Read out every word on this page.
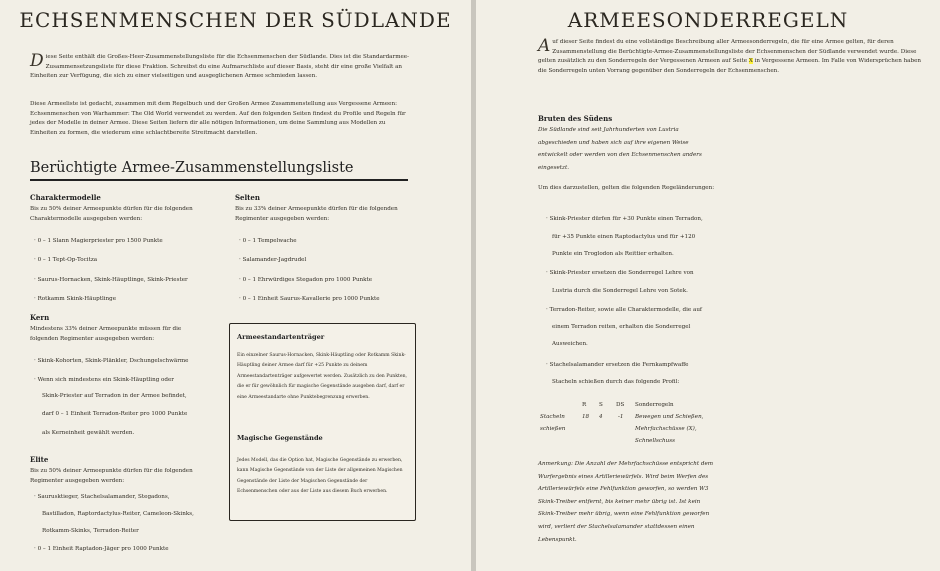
ECHSENMENSCHEN DER SÜDLANDE
Diese Seite enthält die Großes-Heer-Zusammenstellungsliste für die Echsenmenschen der Südlande. Dies ist die Standardarmee-Zusammensetzungsliste für diese Fraktion. Schreibst du eine Aufmarschliste auf dieser Basis, steht dir eine große Vielfalt an Einheiten zur Verfügung, die sich zu einer vielseitigen und ausgeglichenen Armee schmieden lassen.
Diese Armeeliste ist gedacht, zusammen mit dem Regelbuch und der Großen Armee Zusammenstellung aus Vergessene Armeen: Echsenmenschen von Warhammer: The Old World verwendet zu werden. Auf den folgenden Seiten findest du Profile und Regeln für jedes der Modelle in deiner Armee. Diese Seiten liefern dir alle nötigen Informationen, um deine Sammlung aus Modellen zu Einheiten zu formen, die wiederum eine schlachtbereite Streitmacht darstellen.
Berüchtigte Armee-Zusammenstellungsliste
Charaktermodelle
Bis zu 50% deiner Armeepunkte dürfen für die folgenden Charaktermodelle ausgegeben werden:
· 0 – 1 Slann Magierpriester pro 1500 Punkte
· 0 – 1 Tept-Op-Tocitza
· Saurus-Hornacken, Skink-Häuptlinge, Skink-Priester
· Rotkamm Skink-Häuptlinge
Selten
Bis zu 33% deiner Armeepunkte dürfen für die folgenden Regimenter ausgegeben werden:
· 0 – 1 Tempelwache
· Salamander-Jagdrudel
· 0 – 1 Ehrwürdiges Stegadon pro 1000 Punkte
· 0 – 1 Einheit Saurus-Kavallerie pro 1000 Punkte
Kern
Mindestens 33% deiner Armeepunkte müssen für die folgenden Regimenter ausgegeben werden:
· Skink-Kohorten, Skink-Plänkler, Dschungelschwärme
· Wenn sich mindestens ein Skink-Häuptling oder
Skink-Priester auf Terradon in der Armee befindet,
darf 0 – 1 Einheit Terradon-Reiter pro 1000 Punkte
als Kerneinheit gewählt werden.
Elite
Bis zu 50% deiner Armeepunkte dürfen für die folgenden Regimenter ausgegeben werden:
· Saurusktieger, Stachelsalamander, Stegadons,
Bastilladon, Raptordactylus-Reiter, Cameleon-Skinks,
Rotkamm-Skinks, Terradon-Reiter
· 0 – 1 Einheit Raptadon-Jäger pro 1000 Punkte
Armeestandartenträger
Ein einzelner Saurus-Hornacken, Skink-Häuptling oder Rotkamm Skink-Häuptling deiner Armee darf für +25 Punkte zu deinem Armeestandartenträger aufgewertet werden. Zusätzlich zu den Punkten, die er für gewöhnlich für magische Gegenstände ausgeben darf, darf er eine Armeestandarte ohne Punktebegrenzung erwerben.
Magische Gegenstände
Jedes Modell, das die Option hat, Magische Gegenstände zu erwerben, kann Magische Gegenstände von der Liste der allgemeinen Magischen Gegenstände der Liste der Magischen Gegenstände der Echsenmenschen oder aus der Liste aus diesem Buch erwerben.
ARMEESONDERREGELN
Auf dieser Seite findest du eine vollständige Beschreibung aller Armeesonderregeln, die für eine Armee gelten, für deren Zusammenstellung die Berüchtigte-Armee-Zusammenstellungsliste der Echsenmenschen der Südlande verwendet wurde. Diese gelten zusätzlich zu den Sonderregeln der Vergessenen Armeen auf Seite X in Vergessene Armeen. Im Falle von Widersprüchen haben die Sonderregeln unten Vorrang gegenüber den Sonderregeln der Echsenmenschen.
Bruten des Südens
Die Südlande sind seit Jahrhunderten von Lustria abgeschieden und haben sich auf ihre eigenen Weise entwickelt oder werden von den Echsenmenschen anders eingesetzt.
Um dies darzustellen, gelten die folgenden Regeländerungen:
· Skink-Priester dürfen für +30 Punkte einen Terradon,
für +35 Punkte einen Raptodactylus und für +120
Punkte ein Troglodon als Reittier erhalten.
· Skink-Priester ersetzen die Sonderregel Lehre von
Lustria durch die Sonderregel Lehre von Sotek.
· Terradon-Reiter, sowie alle Charaktermodelle, die auf
einem Terradon reiten, erhalten die Sonderregel
Ausweichen.
· Stachelsalamander ersetzen die Fernkampfwaffe
Stacheln schießen durch das folgende Profil:
R S DS Sonderregeln
Stacheln
schießen
18 4	-1 Bewegen und Schießen,
Mehrfachschüsse (X),
Schnellschuss
Anmerkung: Die Anzahl der Mehrfachschüsse entspricht dem Wurfergebnis eines Artilleriewürfels. Wird beim Werfen des Artilleriewürfels eine Fehlfunktion geworfen, so werden W3 Skink-Treiber entfernt, bis keiner mehr übrig ist. Ist kein Skink-Treiber mehr übrig, wenn eine Fehlfunktion geworfen wird, verliert der Stachelsalamander stattdessen einen Lebenspunkt.
